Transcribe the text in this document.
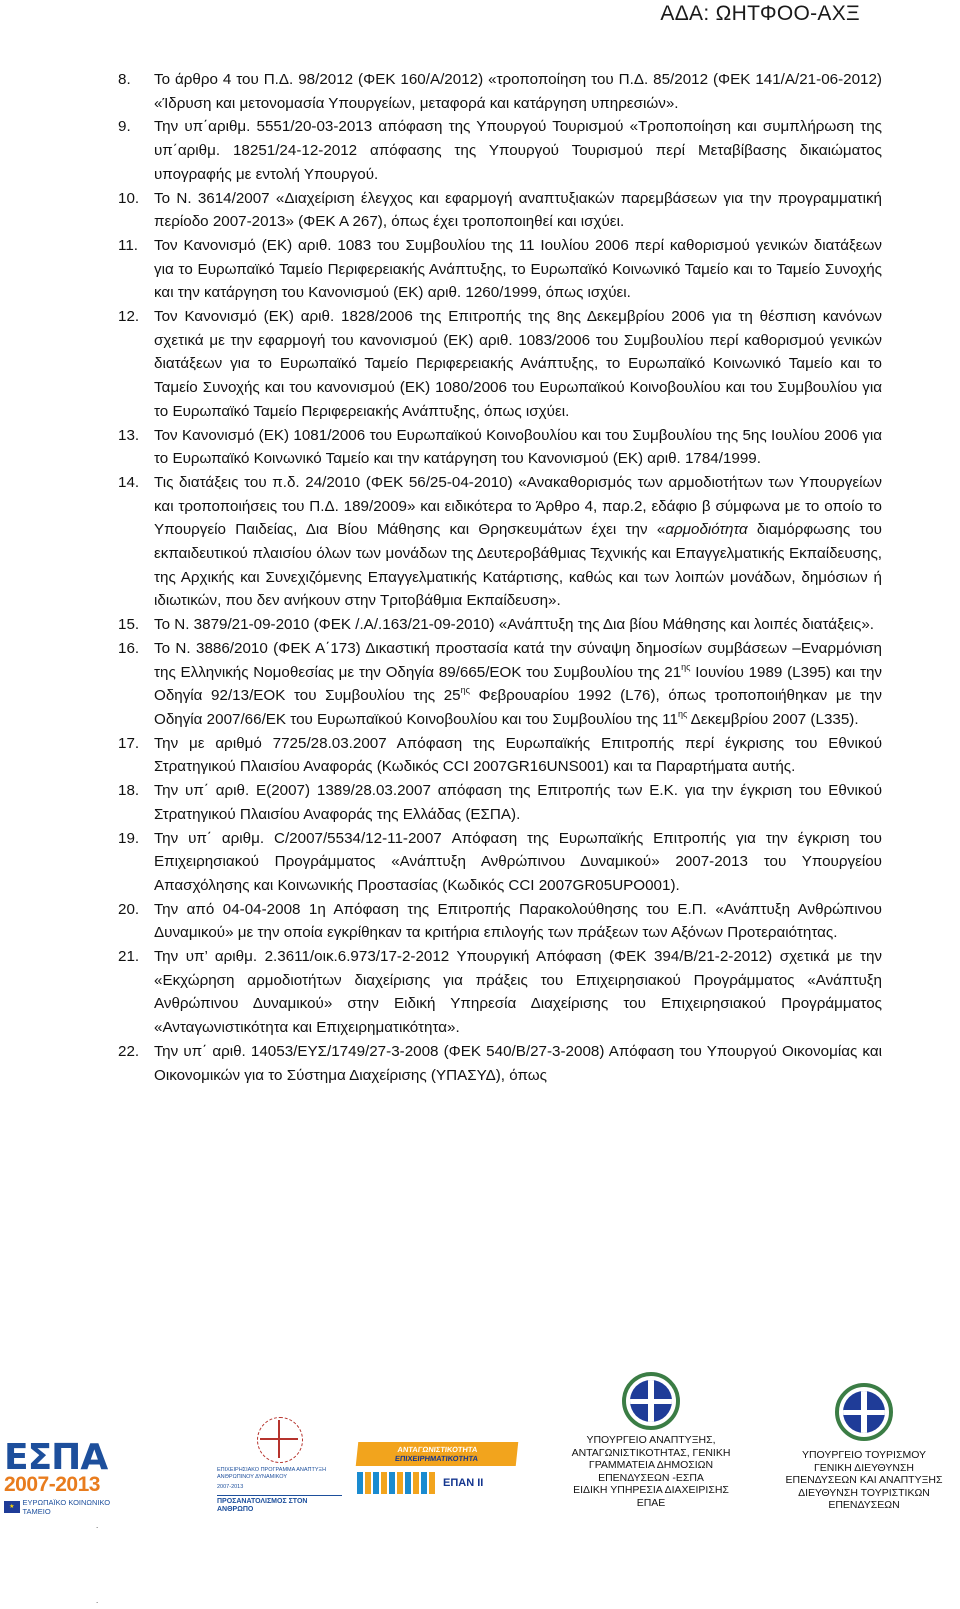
ΑΔΑ: ΩΗΤΦΟΟ-ΑΧΞ
8.	Το άρθρο 4 του Π.Δ. 98/2012 (ΦΕΚ 160/Α/2012) «τροποποίηση του Π.Δ. 85/2012 (ΦΕΚ 141/Α/21-06-2012) «Ίδρυση και μετονομασία Υπουργείων, μεταφορά και κατάργηση υπηρεσιών».
9.	Την υπ΄αριθμ. 5551/20-03-2013 απόφαση της Υπουργού Τουρισμού «Τροποποίηση και συμπλήρωση της υπ΄αριθμ. 18251/24-12-2012 απόφασης της Υπουργού Τουρισμού περί Μεταβίβασης δικαιώματος υπογραφής με εντολή Υπουργού.
10. Το Ν. 3614/2007 «Διαχείριση έλεγχος και εφαρμογή αναπτυξιακών παρεμβάσεων για την προγραμματική περίοδο 2007-2013» (ΦΕΚ Α 267), όπως έχει τροποποιηθεί και ισχύει.
11.	Τον Κανονισμό (ΕΚ) αριθ. 1083 του Συμβουλίου της 11 Ιουλίου 2006 περί καθορισμού γενικών διατάξεων για το Ευρωπαϊκό Ταμείο Περιφερειακής Ανάπτυξης, το Ευρωπαϊκό Κοινωνικό Ταμείο και το Ταμείο Συνοχής και την κατάργηση του Κανονισμού (ΕΚ) αριθ. 1260/1999, όπως ισχύει.
12. Τον Κανονισμό (ΕΚ) αριθ. 1828/2006 της Επιτροπής της 8ης Δεκεμβρίου 2006 για τη θέσπιση κανόνων σχετικά με την εφαρμογή του κανονισμού (ΕΚ) αριθ. 1083/2006 του Συμβουλίου περί καθορισμού γενικών διατάξεων για το Ευρωπαϊκό Ταμείο Περιφερειακής Ανάπτυξης, το Ευρωπαϊκό Κοινωνικό Ταμείο και το Ταμείο Συνοχής και του κανονισμού (ΕΚ) 1080/2006 του Ευρωπαϊκού Κοινοβουλίου και του Συμβουλίου για το Ευρωπαϊκό Ταμείο Περιφερειακής Ανάπτυξης, όπως ισχύει.
13. Τον Κανονισμό (ΕΚ) 1081/2006 του Ευρωπαϊκού Κοινοβουλίου και του Συμβουλίου της 5ης Ιουλίου 2006 για το Ευρωπαϊκό Κοινωνικό Ταμείο και την κατάργηση του Κανονισμού (ΕΚ) αριθ. 1784/1999.
14. Τις διατάξεις του π.δ. 24/2010 (ΦΕΚ 56/25-04-2010) «Ανακαθορισμός των αρμοδιοτήτων των Υπουργείων και τροποποιήσεις του Π.Δ. 189/2009» και ειδικότερα το Άρθρο 4, παρ.2, εδάφιο β σύμφωνα με το οποίο το Υπουργείο Παιδείας, Δια Βίου Μάθησης και Θρησκευμάτων έχει την «αρμοδιότητα διαμόρφωσης του εκπαιδευτικού πλαισίου όλων των μονάδων της Δευτεροβάθμιας Τεχνικής και Επαγγελματικής Εκπαίδευσης, της Αρχικής και Συνεχιζόμενης Επαγγελματικής Κατάρτισης, καθώς και των λοιπών μονάδων, δημόσιων ή ιδιωτικών, που δεν ανήκουν στην Τριτοβάθμια Εκπαίδευση».
15. Το Ν. 3879/21-09-2010 (ΦΕΚ /.Α/.163/21-09-2010) «Ανάπτυξη της Δια βίου Μάθησης και λοιπές διατάξεις».
16. Το Ν. 3886/2010 (ΦΕΚ Α΄173) Δικαστική προστασία κατά την σύναψη δημοσίων συμβάσεων –Εναρμόνιση της Ελληνικής Νομοθεσίας με την Οδηγία 89/665/ΕΟΚ του Συμβουλίου της $21^{\eta\varsigma}$ Ιουνίου 1989 (L395) και την Οδηγία 92/13/ΕΟΚ του Συμβουλίου της $25^{\eta\varsigma}$ Φεβρουαρίου 1992 (L76), όπως τροποποιήθηκαν με την Οδηγία 2007/66/ΕΚ του Ευρωπαϊκού Κοινοβουλίου και του Συμβουλίου της $11^{\eta\varsigma}$ Δεκεμβρίου 2007 (L335).
17. Την με αριθμό 7725/28.03.2007 Απόφαση της Ευρωπαϊκής Επιτροπής περί έγκρισης του Εθνικού Στρατηγικού Πλαισίου Αναφοράς (Κωδικός CCI 2007GR16UNS001) και τα Παραρτήματα αυτής.
18. Την υπ΄ αριθ. Ε(2007) 1389/28.03.2007 απόφαση της Επιτροπής των Ε.Κ. για την έγκριση του Εθνικού Στρατηγικού Πλαισίου Αναφοράς της Ελλάδας (ΕΣΠΑ).
19. Την υπ΄ αριθμ. C/2007/5534/12-11-2007 Απόφαση της Ευρωπαϊκής Επιτροπής για την έγκριση του Επιχειρησιακού Προγράμματος «Ανάπτυξη Ανθρώπινου Δυναμικού» 2007-2013 του Υπουργείου Απασχόλησης και Κοινωνικής Προστασίας (Κωδικός CCI 2007GR05UPO001).
20. Την από 04-04-2008 1η Απόφαση της Επιτροπής Παρακολούθησης του Ε.Π. «Ανάπτυξη Ανθρώπινου Δυναμικού» με την οποία εγκρίθηκαν τα κριτήρια επιλογής των πράξεων των Αξόνων Προτεραιότητας.
21. Την υπ’ αριθμ. 2.3611/οικ.6.973/17-2-2012 Υπουργική Απόφαση (ΦΕΚ 394/Β/21-2-2012) σχετικά με την «Εκχώρηση αρμοδιοτήτων διαχείρισης για πράξεις του Επιχειρησιακού Προγράμματος «Ανάπτυξη Ανθρώπινου Δυναμικού» στην Ειδική Υπηρεσία Διαχείρισης του Επιχειρησιακού Προγράμματος «Ανταγωνιστικότητα και Επιχειρηματικότητα».
22. Την υπ΄ αριθ. 14053/ΕΥΣ/1749/27-3-2008 (ΦΕΚ 540/Β/27-3-2008) Απόφαση του Υπουργού Οικονομίας και Οικονομικών για το Σύστημα Διαχείρισης (ΥΠΑΣΥΔ), όπως
ΕΣΠΑ
2007-2013
★	ΕΥΡΩΠΑΪΚΟ ΚΟΙΝΩΝΙΚΟ ΤΑΜΕΙΟ
ΕΠΙΧΕΙΡΗΣΙΑΚΟ ΠΡΟΓΡΑΜΜΑ ΑΝΑΠΤΥΞΗ ΑΝΘΡΩΠΙΝΟΥ ΔΥΝΑΜΙΚΟΥ
2007-2013
ΠΡΟΣΑΝΑΤΟΛΙΣΜΟΣ ΣΤΟΝ ΑΝΘΡΩΠΟ
ΑΝΤΑΓΩΝΙΣΤΙΚΟΤΗΤΑ ΕΠΙΧΕΙΡΗΜΑΤΙΚΟΤΗΤΑ
ΕΠΑΝ ΙΙ
ΥΠΟΥΡΓΕΙΟ ΑΝΑΠΤΥΞΗΣ,
ΑΝΤΑΓΩΝΙΣΤΙΚΟΤΗΤΑΣ, ΓΕΝΙΚΗ
ΓΡΑΜΜΑΤΕΙΑ ΔΗΜΟΣΙΩΝ
ΕΠΕΝΔΥΣΕΩΝ -ΕΣΠΑ
ΕΙΔΙΚΗ ΥΠΗΡΕΣΙΑ ΔΙΑΧΕΙΡΙΣΗΣ
ΕΠΑΕ
ΥΠΟΥΡΓΕΙΟ ΤΟΥΡΙΣΜΟΥ
ΓΕΝΙΚΗ ΔΙΕΥΘΥΝΣΗ
ΕΠΕΝΔΥΣΕΩΝ ΚΑΙ ΑΝΑΠΤΥΞΗΣ
ΔΙΕΥΘΥΝΣΗ ΤΟΥΡΙΣΤΙΚΩΝ
ΕΠΕΝΔΥΣΕΩΝ
.
.
